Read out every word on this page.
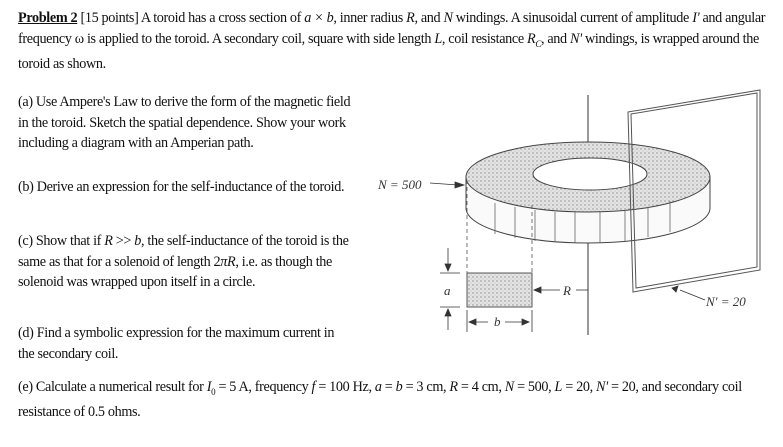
Problem 2 [15 points] A toroid has a cross section of a × b, inner radius R, and N windings. A sinusoidal current of amplitude I' and angular frequency ω is applied to the toroid. A secondary coil, square with side length L, coil resistance $R_C$, and N' windings, is wrapped around the toroid as shown.
(a) Use Ampere's Law to derive the form of the magnetic field in the toroid. Sketch the spatial dependence. Show your work including a diagram with an Amperian path.
(b) Derive an expression for the self-inductance of the toroid.
(c) Show that if R >> b, the self-inductance of the toroid is the same as that for a solenoid of length 2πR, i.e. as though the solenoid was wrapped upon itself in a circle.
(d) Find a symbolic expression for the maximum current in the secondary coil.
(e) Calculate a numerical result for $I_0 = 5$ A, frequency f = 100 Hz, a = b = 3 cm, R = 4 cm, N = 500, L = 20, N' = 20, and secondary coil resistance of 0.5 ohms.
N = 500
a
b
R
N' = 20
